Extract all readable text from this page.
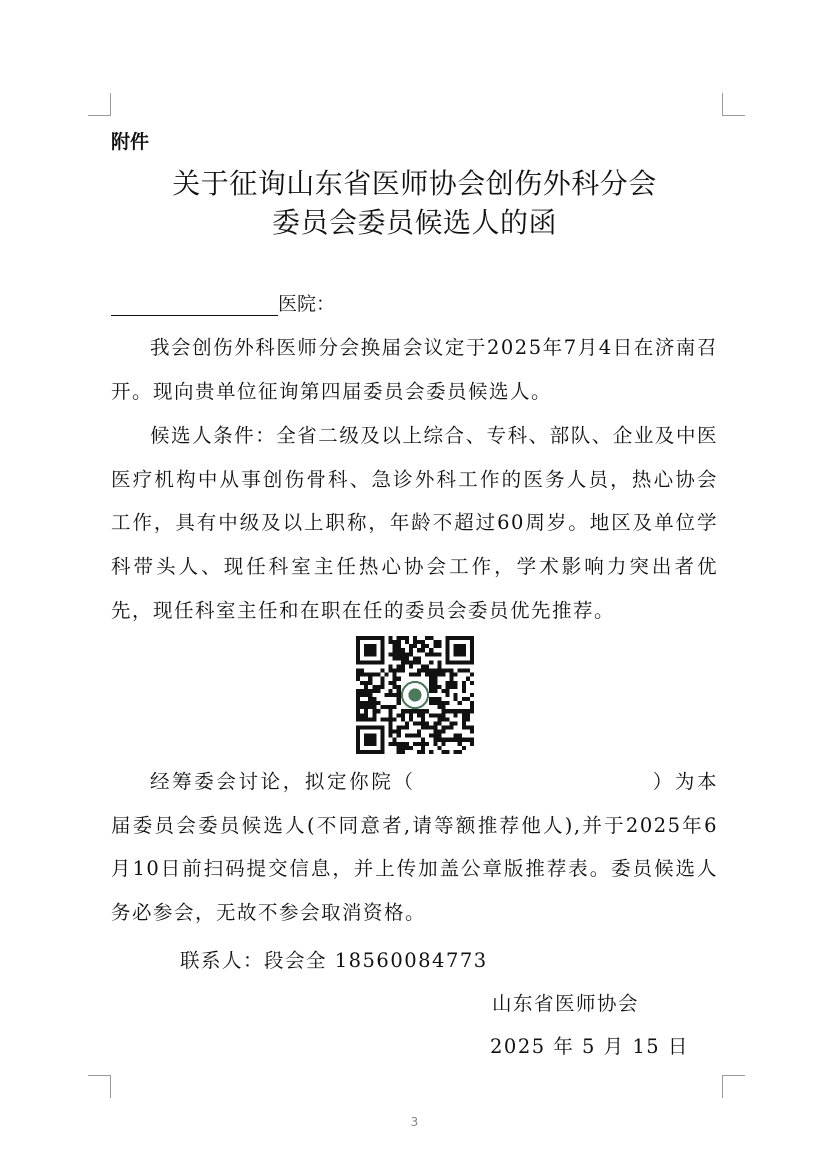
附件
关于征询山东省医师协会创伤外科分会
委员会委员候选人的函
医院：
我会创伤外科医师分会换届会议定于2025年7月4日在济南召开。现向贵单位征询第四届委员会委员候选人。
候选人条件：全省二级及以上综合、专科、部队、企业及中医医疗机构中从事创伤骨科、急诊外科工作的医务人员，热心协会工作，具有中级及以上职称，年龄不超过60周岁。地区及单位学科带头人、现任科室主任热心协会工作，学术影响力突出者优先，现任科室主任和在职在任的委员会委员优先推荐。
经筹委会讨论，拟定你院（	）为本届委员会委员候选人(不同意者,请等额推荐他人),并于2025年6月10日前扫码提交信息，并上传加盖公章版推荐表。委员候选人务必参会，无故不参会取消资格。
联系人：段会全 18560084773
山东省医师协会
2025 年 5 月 15 日
3
